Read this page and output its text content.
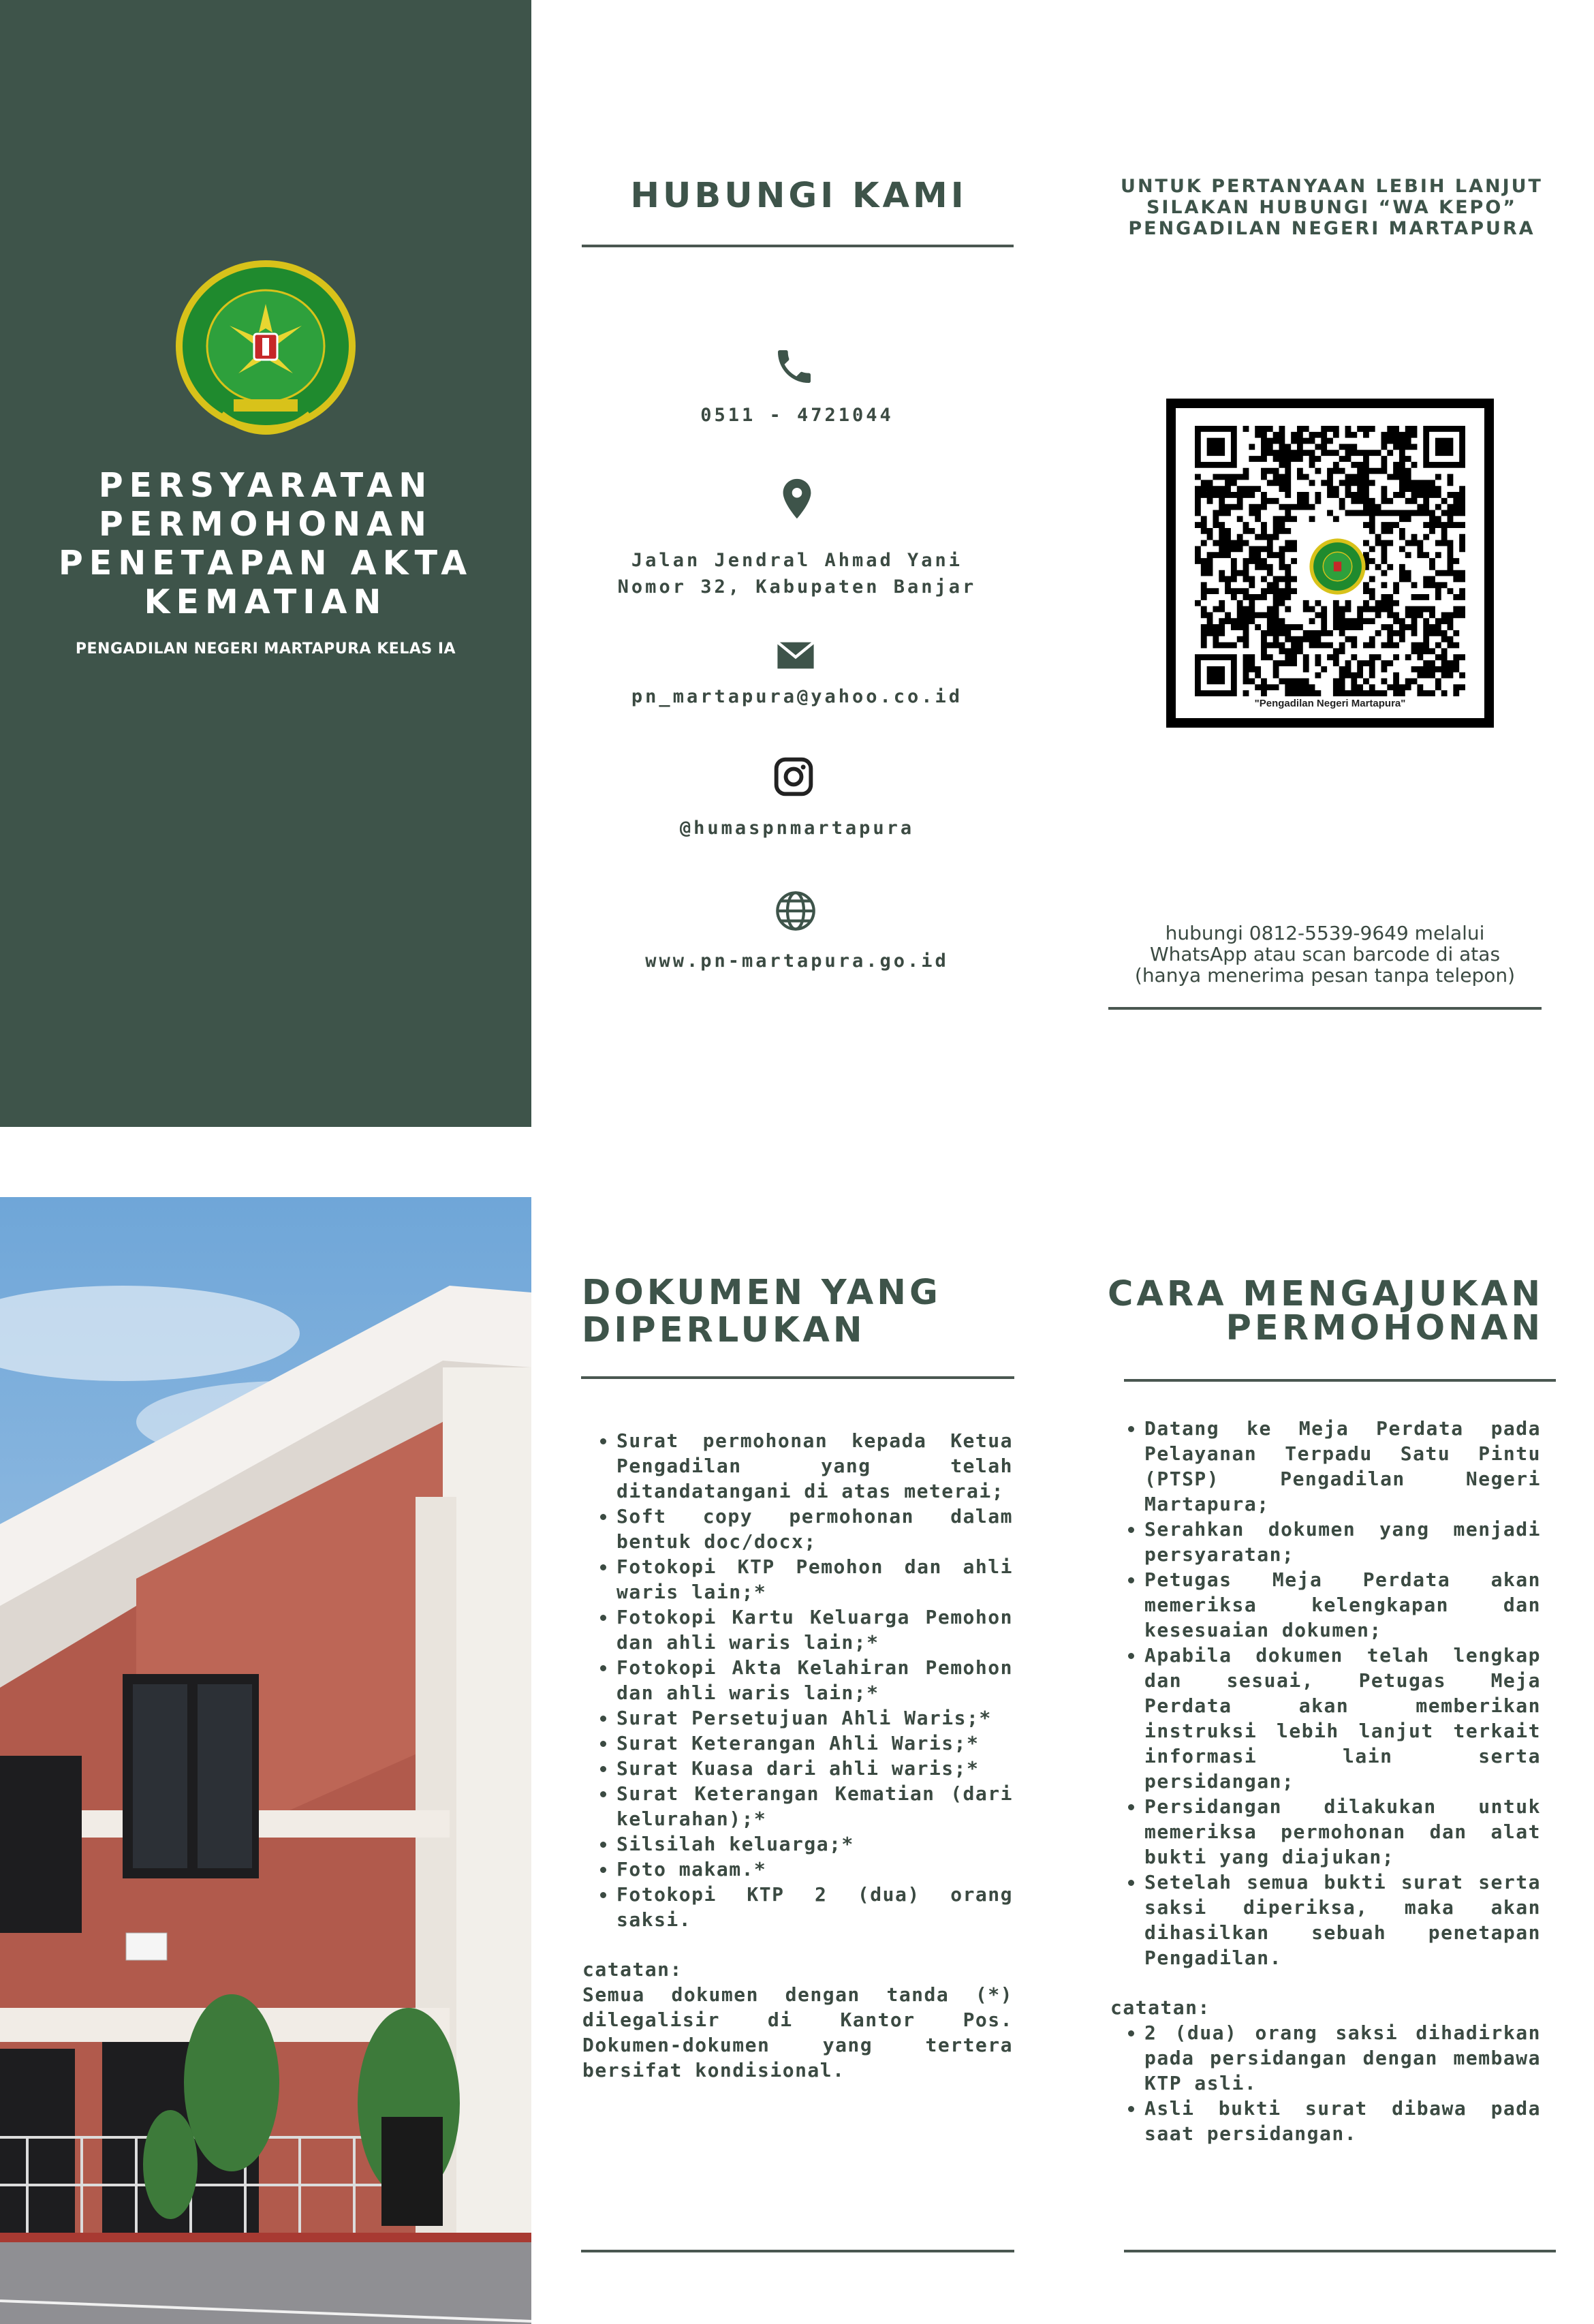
PERSYARATAN
PERMOHONAN
PENETAPAN AKTA
KEMATIAN
PENGADILAN NEGERI MARTAPURA KELAS IA
HUBUNGI KAMI
0511 - 4721044
Jalan Jendral Ahmad Yani
Nomor 32, Kabupaten Banjar
pn_martapura@yahoo.co.id
@humaspnmartapura
www.pn-martapura.go.id
UNTUK PERTANYAAN LEBIH LANJUT
SILAKAN HUBUNGI “WA KEPO”
PENGADILAN NEGERI MARTAPURA
"Pengadilan Negeri Martapura"
hubungi 0812-5539-9649 melalui
WhatsApp atau scan barcode di atas
(hanya menerima pesan tanpa telepon)
DOKUMEN YANG
DIPERLUKAN
• Surat permohonan kepada Ketua Pengadilan yang telah ditandatangani di atas meterai;
• Soft copy permohonan dalam bentuk doc/docx;
• Fotokopi KTP Pemohon dan ahli waris lain;*
• Fotokopi Kartu Keluarga Pemohon dan ahli waris lain;*
• Fotokopi Akta Kelahiran Pemohon dan ahli waris lain;*
• Surat Persetujuan Ahli Waris;*
• Surat Keterangan Ahli Waris;*
• Surat Kuasa dari ahli waris;*
• Surat Keterangan Kematian (dari kelurahan);*
• Silsilah keluarga;*
• Foto makam.*
• Fotokopi KTP 2 (dua) orang saksi.
catatan:
Semua dokumen dengan tanda (*) dilegalisir di Kantor Pos. Dokumen-dokumen yang tertera bersifat kondisional.
CARA MENGAJUKAN
PERMOHONAN
• Datang ke Meja Perdata pada Pelayanan Terpadu Satu Pintu (PTSP) Pengadilan Negeri Martapura;
• Serahkan dokumen yang menjadi persyaratan;
• Petugas Meja Perdata akan memeriksa kelengkapan dan kesesuaian dokumen;
• Apabila dokumen telah lengkap dan sesuai, Petugas Meja Perdata akan memberikan instruksi lebih lanjut terkait informasi lain serta persidangan;
• Persidangan dilakukan untuk memeriksa permohonan dan alat bukti yang diajukan;
• Setelah semua bukti surat serta saksi diperiksa, maka akan dihasilkan sebuah penetapan Pengadilan.
catatan:
• 2 (dua) orang saksi dihadirkan pada persidangan dengan membawa KTP asli.
• Asli bukti surat dibawa pada saat persidangan.
